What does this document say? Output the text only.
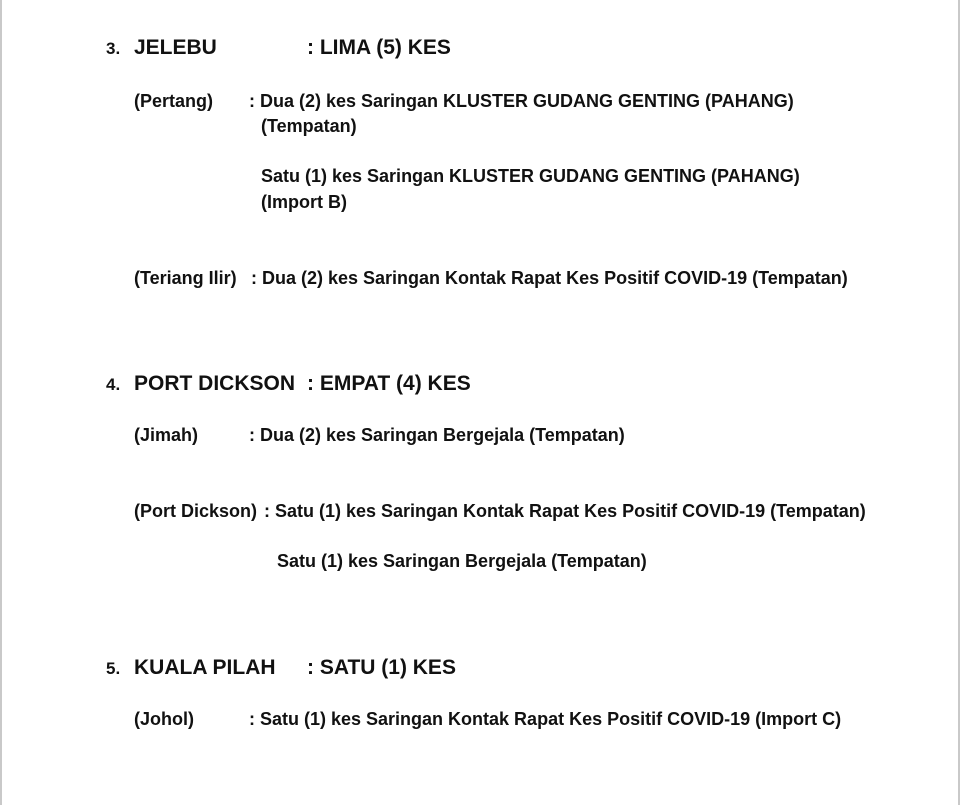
3. JELEBU	: LIMA (5) KES
(Pertang) : Dua (2) kes Saringan KLUSTER GUDANG GENTING (PAHANG)
(Tempatan)
Satu (1) kes Saringan KLUSTER GUDANG GENTING (PAHANG)
(Import B)
(Teriang Ilir) : Dua (2) kes Saringan Kontak Rapat Kes Positif COVID-19 (Tempatan)
4. PORT DICKSON : EMPAT (4) KES
(Jimah)	: Dua (2) kes Saringan Bergejala (Tempatan)
(Port Dickson) : Satu (1) kes Saringan Kontak Rapat Kes Positif COVID-19 (Tempatan)
Satu (1) kes Saringan Bergejala (Tempatan)
5. KUALA PILAH : SATU (1) KES
(Johol)	: Satu (1) kes Saringan Kontak Rapat Kes Positif COVID-19 (Import C)
